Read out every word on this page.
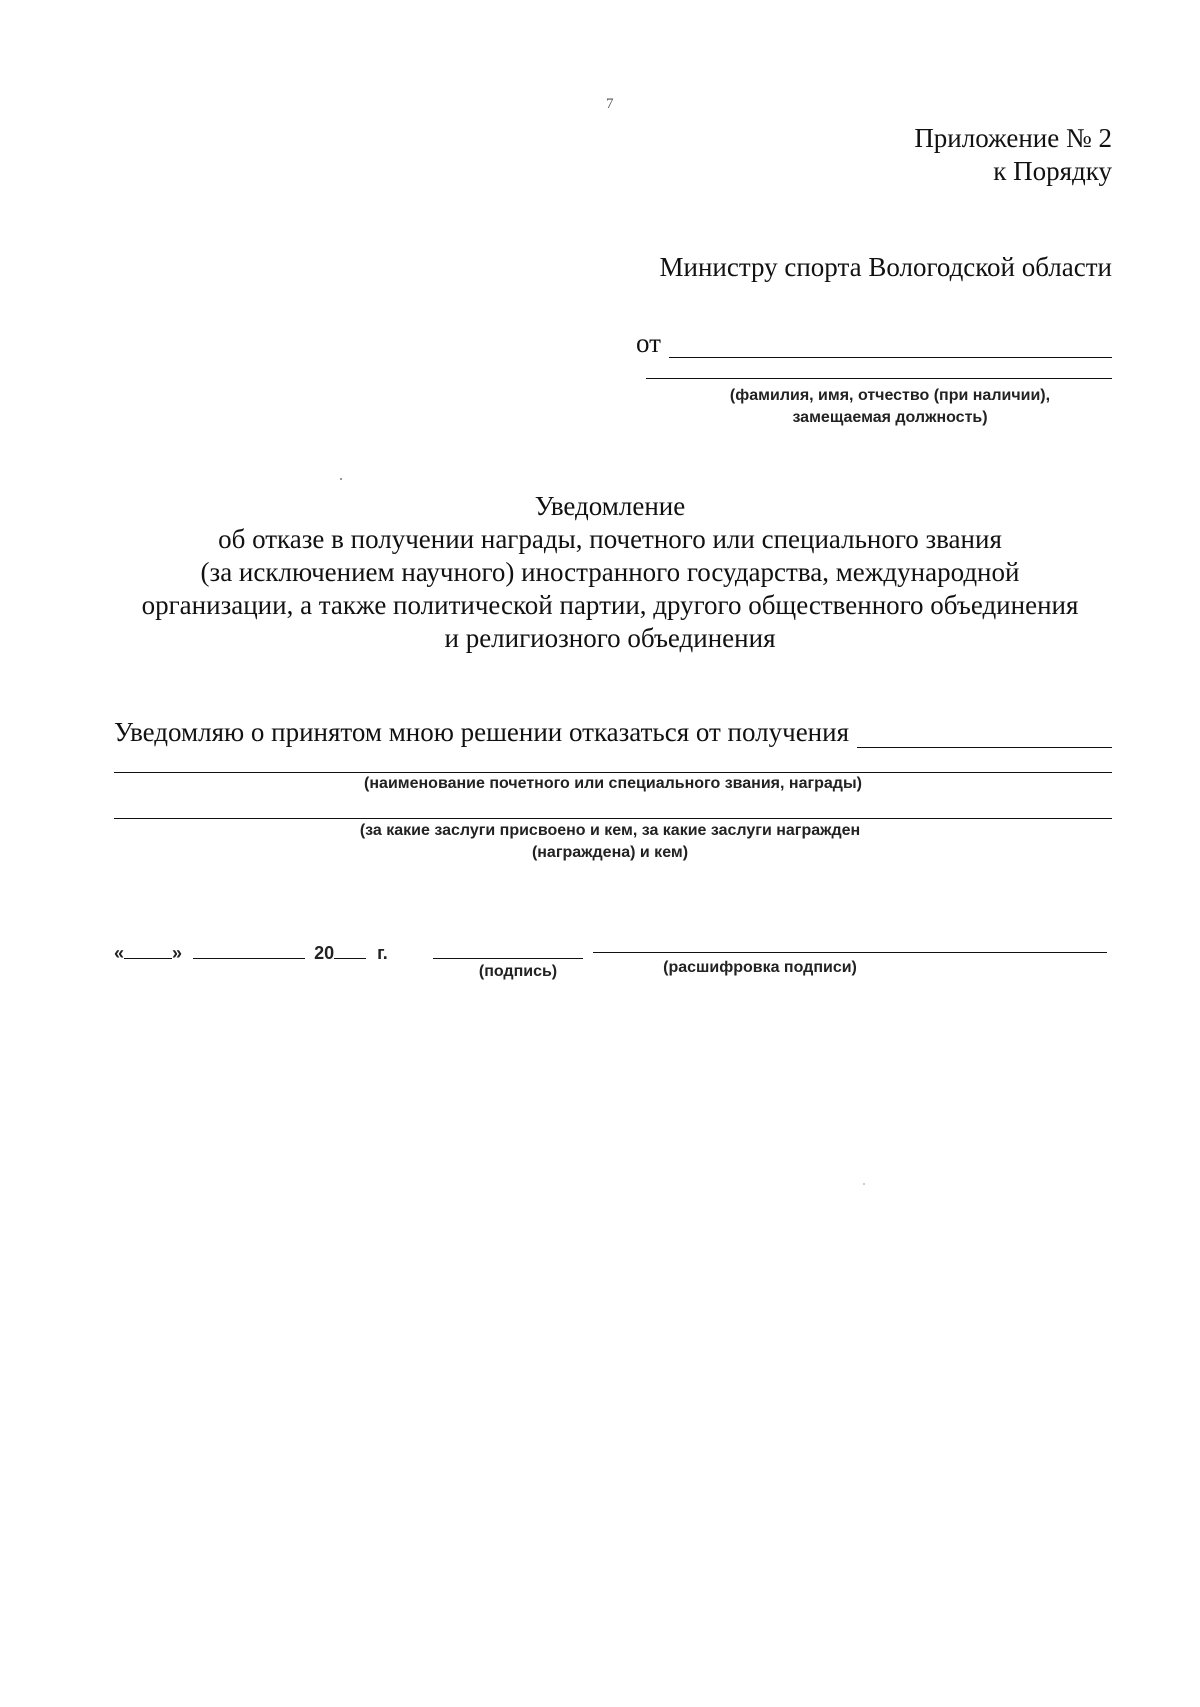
7
Приложение № 2
к Порядку
Министру спорта Вологодской области
от
(фамилия, имя, отчество (при наличии),
замещаемая должность)
Уведомление
об отказе в получении награды, почетного или специального звания
(за исключением научного) иностранного государства, международной
организации, а также политической партии, другого общественного объединения
и религиозного объединения
Уведомляю о принятом мною решении отказаться от получения
(наименование почетного или специального звания, награды)
(за какие заслуги присвоено и кем, за какие заслуги награжден
(награждена) и кем)
«	»	20 г.
(подпись)	(расшифровка подписи)
